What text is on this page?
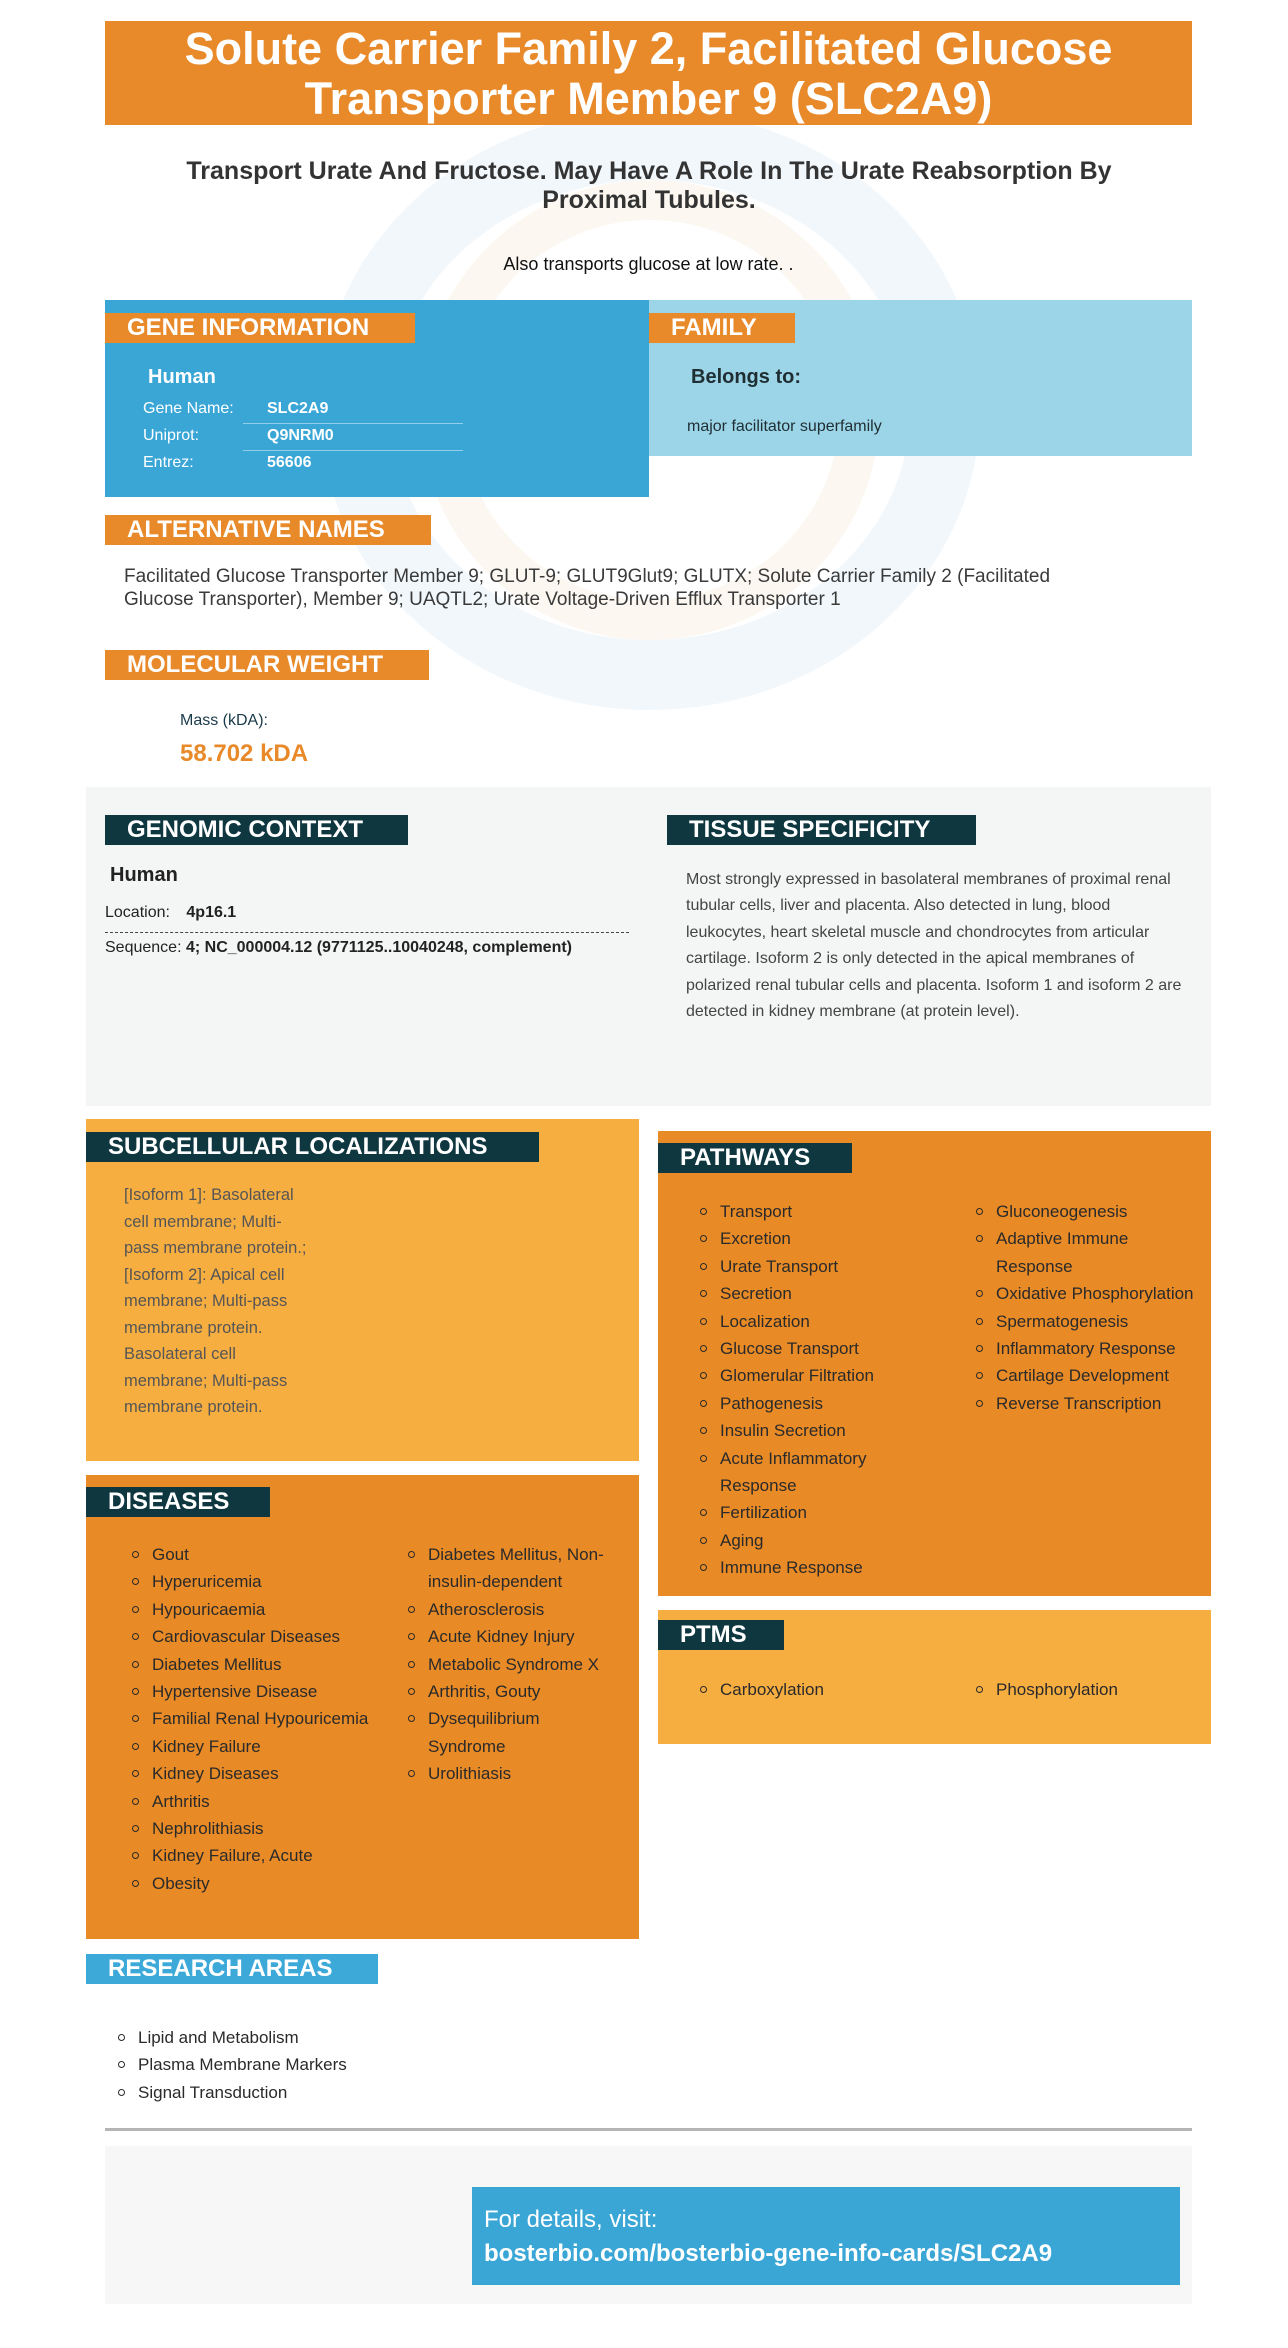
Solute Carrier Family 2, Facilitated Glucose Transporter Member 9 (SLC2A9)
Transport Urate And Fructose. May Have A Role In The Urate Reabsorption By Proximal Tubules.
Also transports glucose at low rate. .
GENE INFORMATION
Human
Gene Name: SLC2A9
Uniprot:	Q9NRM0
Entrez:	56606
FAMILY
Belongs to:
major facilitator superfamily
ALTERNATIVE NAMES
Facilitated Glucose Transporter Member 9; GLUT-9; GLUT9Glut9; GLUTX; Solute Carrier Family 2 (Facilitated Glucose Transporter), Member 9; UAQTL2; Urate Voltage-Driven Efflux Transporter 1
MOLECULAR WEIGHT
Mass (kDA):
58.702 kDA
GENOMIC CONTEXT
Human
Location: 4p16.1
Sequence: 4; NC_000004.12 (9771125..10040248, complement)
TISSUE SPECIFICITY
Most strongly expressed in basolateral membranes of proximal renal tubular cells, liver and placenta. Also detected in lung, blood leukocytes, heart skeletal muscle and chondrocytes from articular cartilage. Isoform 2 is only detected in the apical membranes of polarized renal tubular cells and placenta. Isoform 1 and isoform 2 are detected in kidney membrane (at protein level).
SUBCELLULAR LOCALIZATIONS
[Isoform 1]: Basolateral cell membrane; Multi-pass membrane protein.; [Isoform 2]: Apical cell membrane; Multi-pass membrane protein. Basolateral cell membrane; Multi-pass membrane protein.
DISEASES
Gout
Hyperuricemia
Hypouricaemia
Cardiovascular Diseases
Diabetes Mellitus
Hypertensive Disease
Familial Renal Hypouricemia
Kidney Failure
Kidney Diseases
Arthritis
Nephrolithiasis
Kidney Failure, Acute
Obesity
Diabetes Mellitus, Non-insulin-dependent
Atherosclerosis
Acute Kidney Injury
Metabolic Syndrome X
Arthritis, Gouty
Dysequilibrium Syndrome
Urolithiasis
PATHWAYS
Transport
Excretion
Urate Transport
Secretion
Localization
Glucose Transport
Glomerular Filtration
Pathogenesis
Insulin Secretion
Acute Inflammatory Response
Fertilization
Aging
Immune Response
Gluconeogenesis
Adaptive Immune Response
Oxidative Phosphorylation
Spermatogenesis
Inflammatory Response
Cartilage Development
Reverse Transcription
PTMS
Carboxylation	Phosphorylation
RESEARCH AREAS
Lipid and Metabolism
Plasma Membrane Markers
Signal Transduction
For details, visit:
bosterbio.com/bosterbio-gene-info-cards/SLC2A9
